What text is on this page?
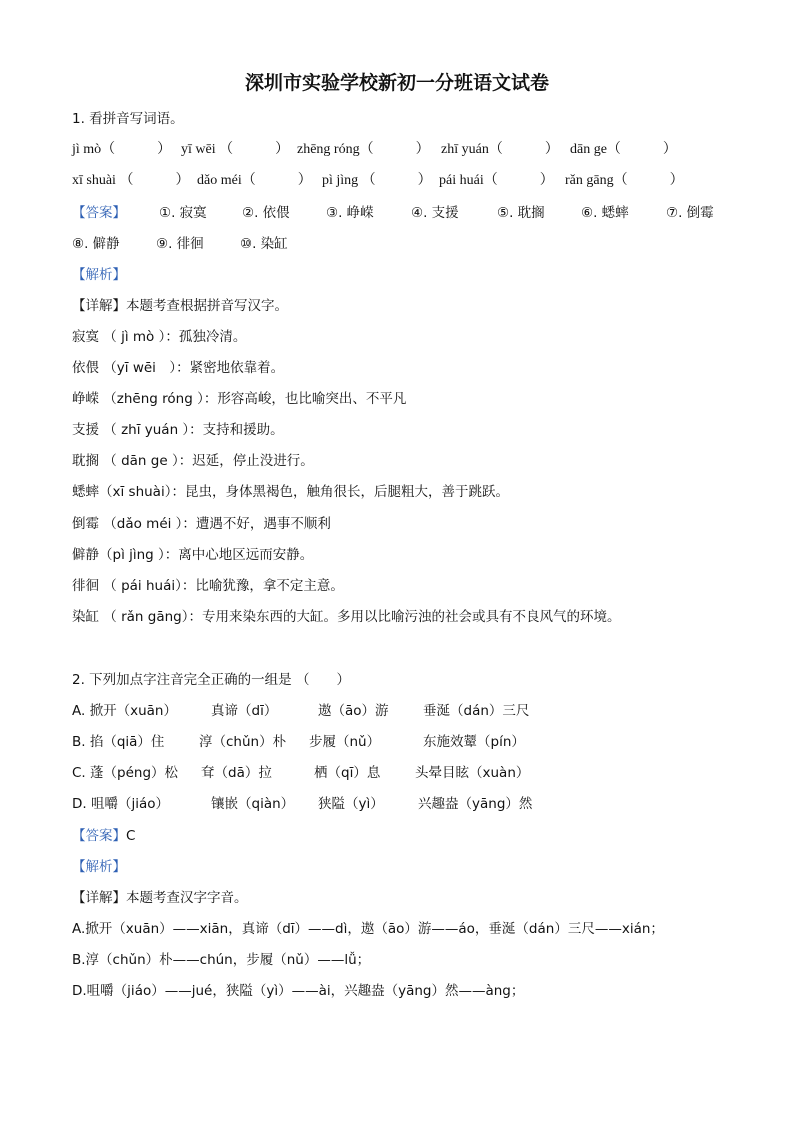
深圳市实验学校新初一分班语文试卷
1. 看拼音写词语。
jì mò（　　　） yī wēi （　　　） zhēng róng（　　　） zhī yuán（　　　） dān ge（　　　）
xī shuài （　　　） dǎo méi（　　　） pì jìng （　　　） pái huái（　　　） rǎn gāng（　　　）
【答案】 ①. 寂寞	②. 依偎	③. 峥嵘	④. 支援	⑤. 耽搁	⑥. 蟋蟀	⑦. 倒霉
⑧. 僻静	⑨. 徘徊	⑩. 染缸
【解析】
【详解】本题考查根据拼音写汉字。
寂寞 （ jì mò ）：孤独冷清。
依偎 （yī wēi　）：紧密地依靠着。
峥嵘 （zhēng róng ）：形容高峻，也比喻突出、不平凡
支援 （ zhī yuán ）：支持和援助。
耽搁 （ dān ge ）：迟延，停止没进行。
蟋蟀（xī shuài）：昆虫，身体黑褐色，触角很长，后腿粗大，善于跳跃。
倒霉 （dǎo méi ）：遭遇不好，遇事不顺利
僻静（pì jìng ）：离中心地区远而安静。
徘徊 （ pái huái）：比喻犹豫，拿不定主意。
染缸 （ rǎn gāng）：专用来染东西的大缸。多用以比喻污浊的社会或具有不良风气的环境。
2. 下列加点字注音完全正确的一组是 （　　）
A. 掀开（xuān）	真谛（dī）	遨（āo）游	垂涎（dán）三尺
B. 掐（qiā）住	淳（chǔn）朴 步履（nǔ）	东施效颦（pín）
C. 蓬（péng）松 耷（dā）拉	栖（qī）息	头晕目眩（xuàn）
D. 咀嚼（jiáo）	镶嵌（qiàn） 狭隘（yì）	兴趣盎（yāng）然
【答案】C
【解析】
【详解】本题考查汉字字音。
A.掀开（xuān）——xiān，真谛（dī）——dì，遨（āo）游——áo，垂涎（dán）三尺——xián；
B.淳（chǔn）朴——chún，步履（nǔ）——lǚ；
D.咀嚼（jiáo）——jué，狭隘（yì）——ài，兴趣盎（yāng）然——àng；
